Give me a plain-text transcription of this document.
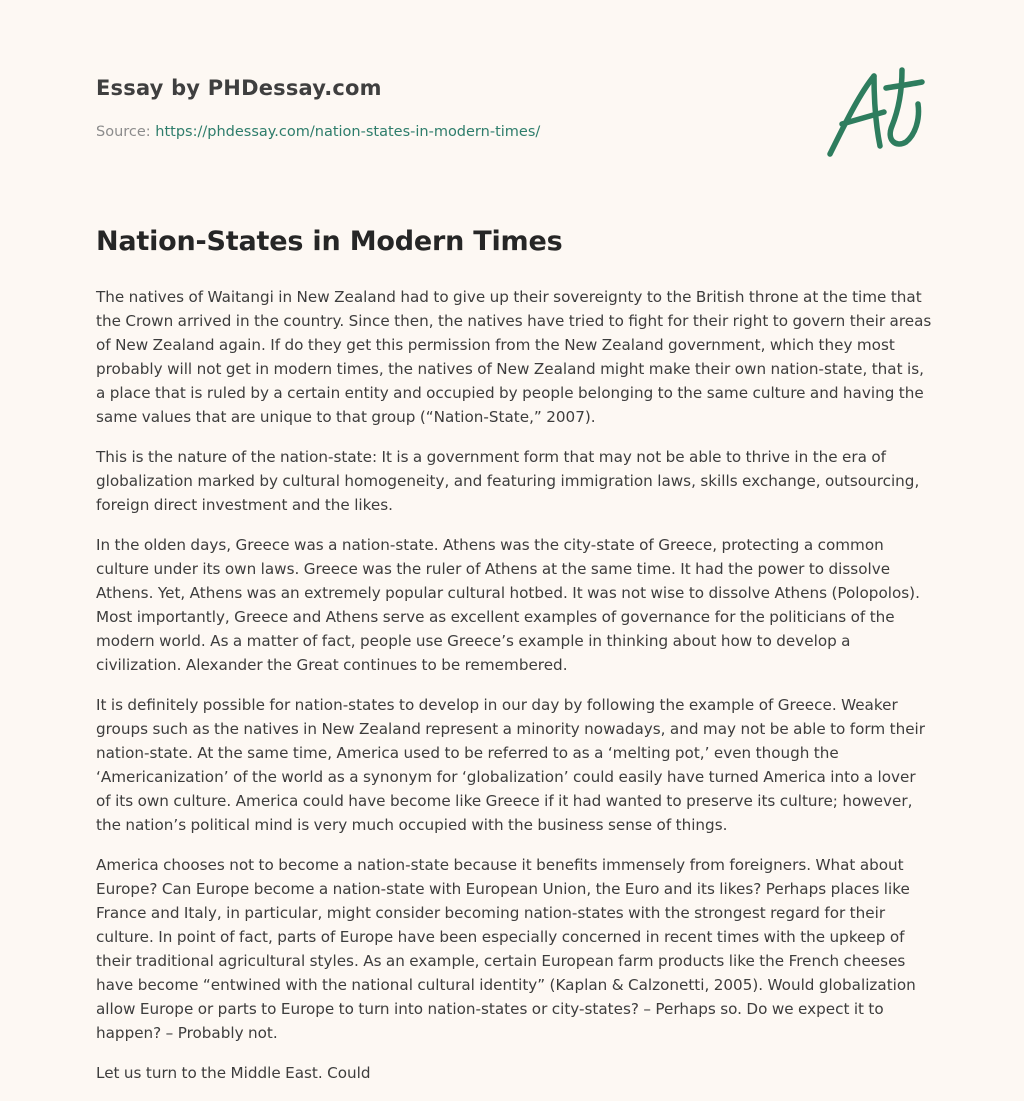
Essay by PHDessay.com
Source: https://phdessay.com/nation-states-in-modern-times/
Nation-States in Modern Times

The natives of Waitangi in New Zealand had to give up their sovereignty to the British throne at the time that the Crown arrived in the country. Since then, the natives have tried to fight for their right to govern their areas of New Zealand again. If do they get this permission from the New Zealand government, which they most probably will not get in modern times, the natives of New Zealand might make their own nation-state, that is, a place that is ruled by a certain entity and occupied by people belonging to the same culture and having the same values that are unique to that group (“Nation-State,” 2007).

This is the nature of the nation-state: It is a government form that may not be able to thrive in the era of globalization marked by cultural homogeneity, and featuring immigration laws, skills exchange, outsourcing, foreign direct investment and the likes.

In the olden days, Greece was a nation-state. Athens was the city-state of Greece, protecting a common culture under its own laws. Greece was the ruler of Athens at the same time. It had the power to dissolve Athens. Yet, Athens was an extremely popular cultural hotbed. It was not wise to dissolve Athens (Polopolos). Most importantly, Greece and Athens serve as excellent examples of governance for the politicians of the modern world. As a matter of fact, people use Greece’s example in thinking about how to develop a civilization. Alexander the Great continues to be remembered.

It is definitely possible for nation-states to develop in our day by following the example of Greece. Weaker groups such as the natives in New Zealand represent a minority nowadays, and may not be able to form their nation-state. At the same time, America used to be referred to as a ‘melting pot,’ even though the ‘Americanization’ of the world as a synonym for ‘globalization’ could easily have turned America into a lover of its own culture. America could have become like Greece if it had wanted to preserve its culture; however, the nation’s political mind is very much occupied with the business sense of things.

America chooses not to become a nation-state because it benefits immensely from foreigners. What about Europe? Can Europe become a nation-state with European Union, the Euro and its likes? Perhaps places like France and Italy, in particular, might consider becoming nation-states with the strongest regard for their culture. In point of fact, parts of Europe have been especially concerned in recent times with the upkeep of their traditional agricultural styles. As an example, certain European farm products like the French cheeses have become “entwined with the national cultural identity” (Kaplan & Calzonetti, 2005). Would globalization allow Europe or parts to Europe to turn into nation-states or city-states? – Perhaps so. Do we expect it to happen? – Probably not.

Let us turn to the Middle East. Could
